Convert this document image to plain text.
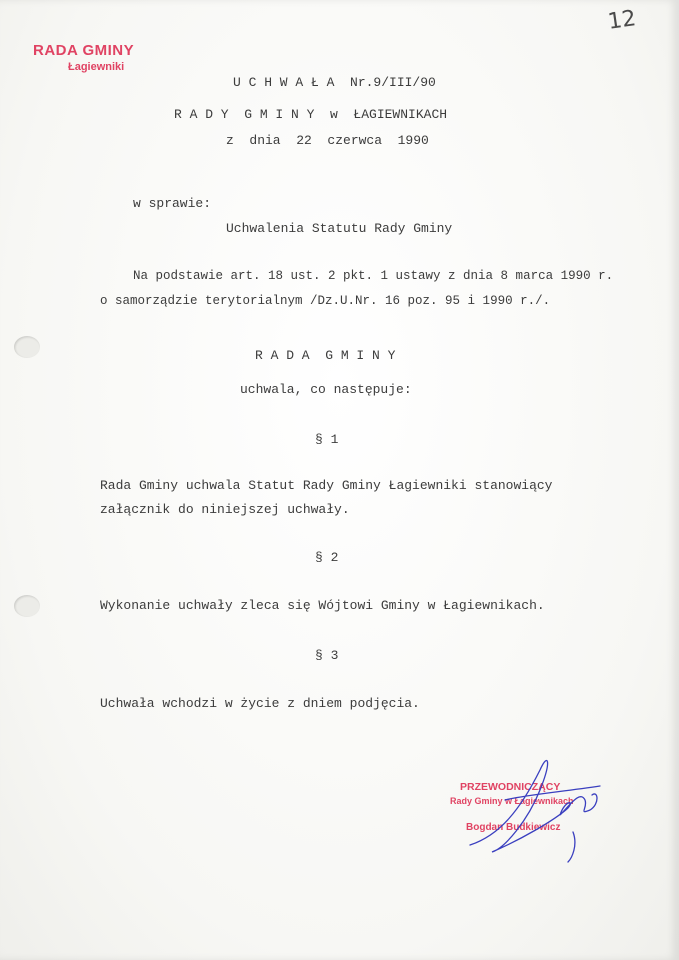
12
RADA GMINY
Łagiewniki
U C H W A Ł A  Nr.9/III/90
R A D Y  G M I N Y  w  ŁAGIEWNIKACH
z  dnia  22  czerwca  1990
w sprawie:
Uchwalenia Statutu Rady Gminy
Na podstawie art. 18 ust. 2 pkt. 1 ustawy z dnia 8 marca 1990 r.
o samorządzie terytorialnym /Dz.U.Nr. 16 poz. 95 i 1990 r./.
R A D A  G M I N Y
uchwala, co następuje:
§ 1
Rada Gminy uchwala Statut Rady Gminy Łagiewniki stanowiący
załącznik do niniejszej uchwały.
§ 2
Wykonanie uchwały zleca się Wójtowi Gminy w Łagiewnikach.
§ 3
Uchwała wchodzi w życie z dniem podjęcia.
PRZEWODNICZĄCY
Rady Gminy w Łagiewnikach
Bogdan Budkiewicz
